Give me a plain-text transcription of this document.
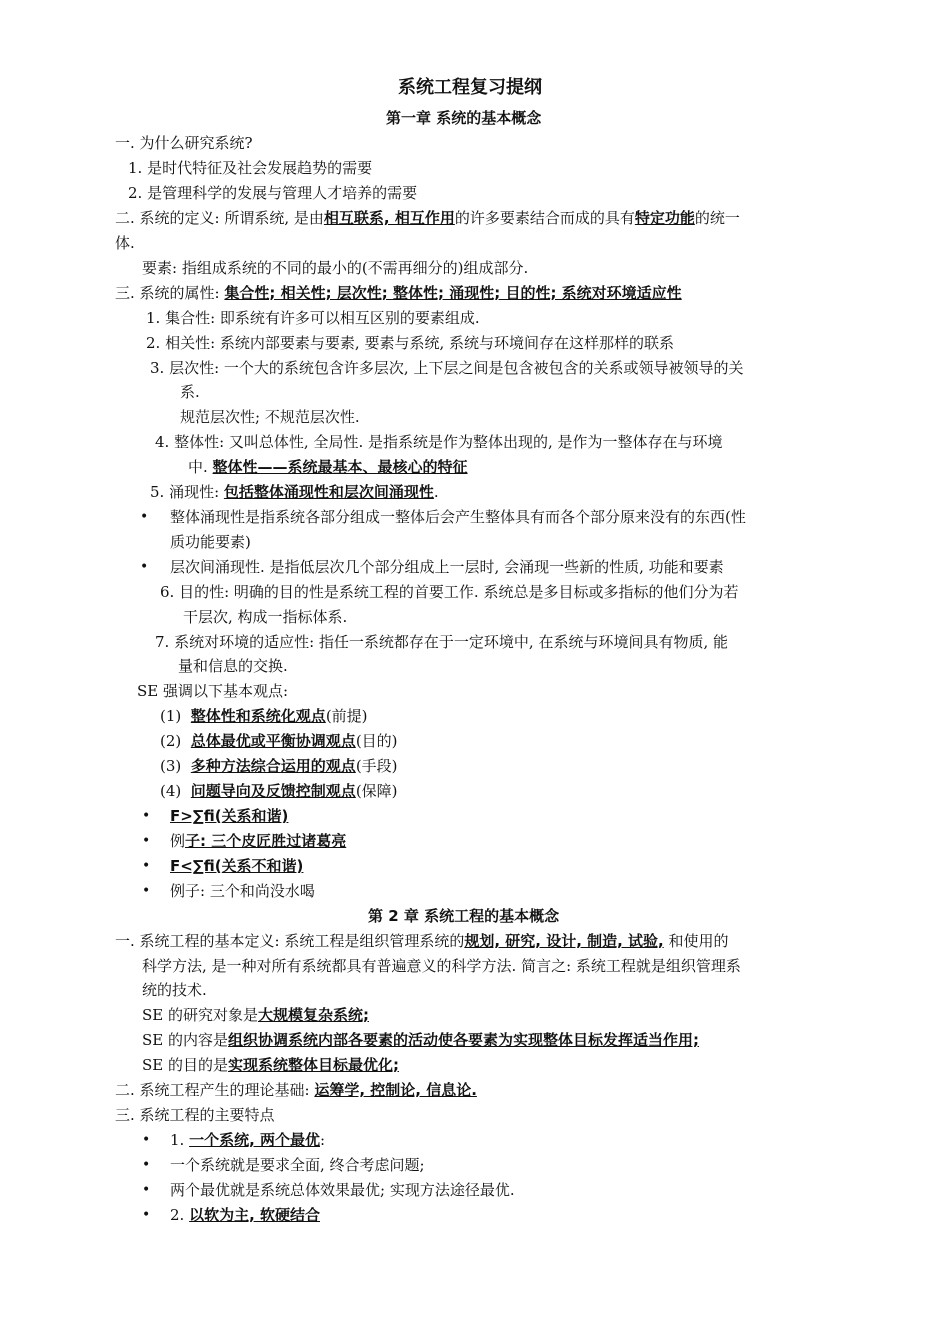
系统工程复习提纲
第一章 系统的基本概念
一. 为什么研究系统?
1. 是时代特征及社会发展趋势的需要
2. 是管理科学的发展与管理人才培养的需要
二. 系统的定义: 所谓系统, 是由相互联系, 相互作用的许多要素结合而成的具有特定功能的统一
体.
要素: 指组成系统的不同的最小的(不需再细分的)组成部分.
三. 系统的属性: 集合性; 相关性; 层次性; 整体性; 涌现性; 目的性; 系统对环境适应性
1. 集合性: 即系统有许多可以相互区别的要素组成.
2. 相关性: 系统内部要素与要素, 要素与系统, 系统与环境间存在这样那样的联系
3. 层次性: 一个大的系统包含许多层次, 上下层之间是包含被包含的关系或领导被领导的关
系.
规范层次性; 不规范层次性.
4. 整体性: 又叫总体性, 全局性. 是指系统是作为整体出现的, 是作为一整体存在与环境
中. 整体性——系统最基本、最核心的特征
5. 涌现性: 包括整体涌现性和层次间涌现性.
• 整体涌现性是指系统各部分组成一整体后会产生整体具有而各个部分原来没有的东西(性
质功能要素)
• 层次间涌现性. 是指低层次几个部分组成上一层时, 会涌现一些新的性质, 功能和要素
6. 目的性: 明确的目的性是系统工程的首要工作. 系统总是多目标或多指标的他们分为若
干层次, 构成一指标体系.
7. 系统对环境的适应性: 指任一系统都存在于一定环境中, 在系统与环境间具有物质, 能
量和信息的交换.
SE 强调以下基本观点:
(1) 整体性和系统化观点(前提)
(2) 总体最优或平衡协调观点(目的)
(3) 多种方法综合运用的观点(手段)
(4) 问题导向及反馈控制观点(保障)
• F>∑fi(关系和谐)
• 例子: 三个皮匠胜过诸葛亮
• F<∑fi(关系不和谐)
• 例子: 三个和尚没水喝
第 2 章 系统工程的基本概念
一. 系统工程的基本定义: 系统工程是组织管理系统的规划, 研究, 设计, 制造, 试验, 和使用的
科学方法, 是一种对所有系统都具有普遍意义的科学方法. 简言之: 系统工程就是组织管理系
统的技术.
SE 的研究对象是大规模复杂系统;
SE 的内容是组织协调系统内部各要素的活动使各要素为实现整体目标发挥适当作用;
SE 的目的是实现系统整体目标最优化;
二. 系统工程产生的理论基础: 运筹学, 控制论, 信息论.
三. 系统工程的主要特点
• 1. 一个系统, 两个最优:
• 一个系统就是要求全面, 终合考虑问题;
• 两个最优就是系统总体效果最优; 实现方法途径最优.
• 2. 以软为主, 软硬结合
